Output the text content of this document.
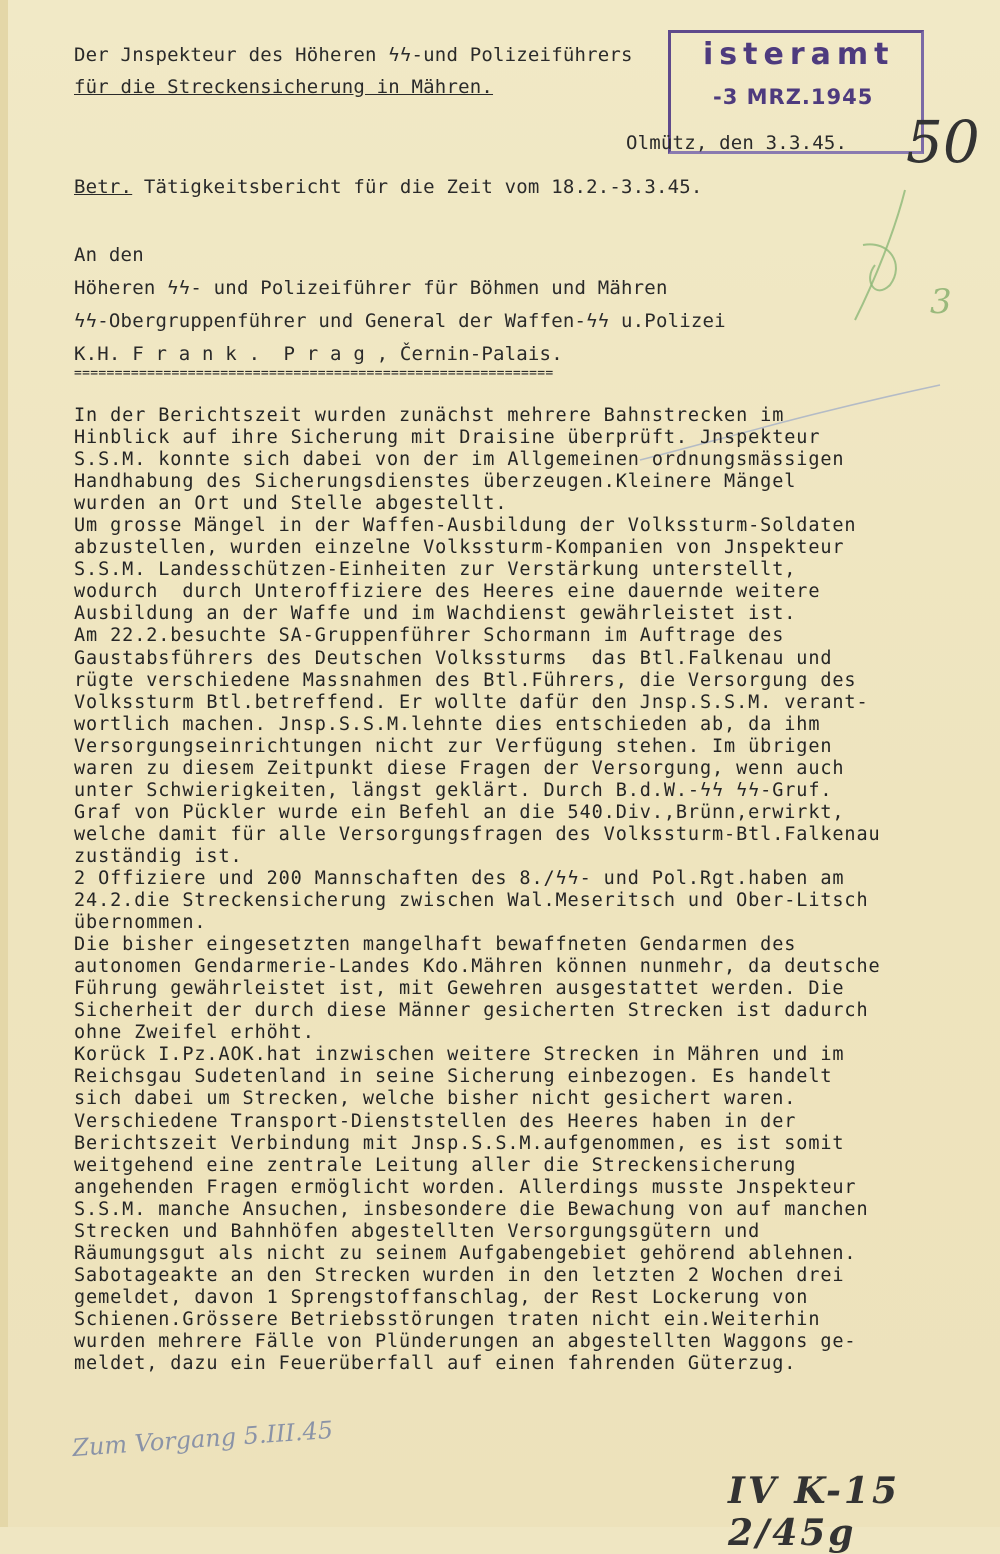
Der Jnspekteur des Höheren ϟϟ-und Polizeiführers
für die Streckensicherung in Mähren.
isteramt
-3 MRZ.1945
Olmütz, den 3.3.45. 50
Betr. Tätigkeitsbericht für die Zeit vom 18.2.-3.3.45.
An den
Höheren ϟϟ- und Polizeiführer für Böhmen und Mähren
ϟϟ-Obergruppenführer und General der Waffen-ϟϟ u.Polizei
K.H. F r a n k .  P r a g , Černin-Palais.
===========================================================
3
In der Berichtszeit wurden zunächst mehrere Bahnstrecken im
Hinblick auf ihre Sicherung mit Draisine überprüft. Jnspekteur
S.S.M. konnte sich dabei von der im Allgemeinen ordnungsmässigen
Handhabung des Sicherungsdienstes überzeugen.Kleinere Mängel
wurden an Ort und Stelle abgestellt.
Um grosse Mängel in der Waffen-Ausbildung der Volkssturm-Soldaten
abzustellen, wurden einzelne Volkssturm-Kompanien von Jnspekteur
S.S.M. Landesschützen-Einheiten zur Verstärkung unterstellt,
wodurch  durch Unteroffiziere des Heeres eine dauernde weitere
Ausbildung an der Waffe und im Wachdienst gewährleistet ist.
Am 22.2.besuchte SA-Gruppenführer Schormann im Auftrage des
Gaustabsführers des Deutschen Volkssturms  das Btl.Falkenau und
rügte verschiedene Massnahmen des Btl.Führers, die Versorgung des
Volkssturm Btl.betreffend. Er wollte dafür den Jnsp.S.S.M. verant-
wortlich machen. Jnsp.S.S.M.lehnte dies entschieden ab, da ihm
Versorgungseinrichtungen nicht zur Verfügung stehen. Im übrigen
waren zu diesem Zeitpunkt diese Fragen der Versorgung, wenn auch
unter Schwierigkeiten, längst geklärt. Durch B.d.W.-ϟϟ ϟϟ-Gruf.
Graf von Pückler wurde ein Befehl an die 540.Div.,Brünn,erwirkt,
welche damit für alle Versorgungsfragen des Volkssturm-Btl.Falkenau
zuständig ist.
2 Offiziere und 200 Mannschaften des 8./ϟϟ- und Pol.Rgt.haben am
24.2.die Streckensicherung zwischen Wal.Meseritsch und Ober-Litsch
übernommen.
Die bisher eingesetzten mangelhaft bewaffneten Gendarmen des
autonomen Gendarmerie-Landes Kdo.Mähren können nunmehr, da deutsche
Führung gewährleistet ist, mit Gewehren ausgestattet werden. Die
Sicherheit der durch diese Männer gesicherten Strecken ist dadurch
ohne Zweifel erhöht.
Korück I.Pz.AOK.hat inzwischen weitere Strecken in Mähren und im
Reichsgau Sudetenland in seine Sicherung einbezogen. Es handelt
sich dabei um Strecken, welche bisher nicht gesichert waren.
Verschiedene Transport-Dienststellen des Heeres haben in der
Berichtszeit Verbindung mit Jnsp.S.S.M.aufgenommen, es ist somit
weitgehend eine zentrale Leitung aller die Streckensicherung
angehenden Fragen ermöglicht worden. Allerdings musste Jnspekteur
S.S.M. manche Ansuchen, insbesondere die Bewachung von auf manchen
Strecken und Bahnhöfen abgestellten Versorgungsgütern und
Räumungsgut als nicht zu seinem Aufgabengebiet gehörend ablehnen.
Sabotageakte an den Strecken wurden in den letzten 2 Wochen drei
gemeldet, davon 1 Sprengstoffanschlag, der Rest Lockerung von
Schienen.Grössere Betriebsstörungen traten nicht ein.Weiterhin
wurden mehrere Fälle von Plünderungen an abgestellten Waggons ge-
meldet, dazu ein Feuerüberfall auf einen fahrenden Güterzug.
Zum Vorgang 5.III.45
IV K-15 2/45g
